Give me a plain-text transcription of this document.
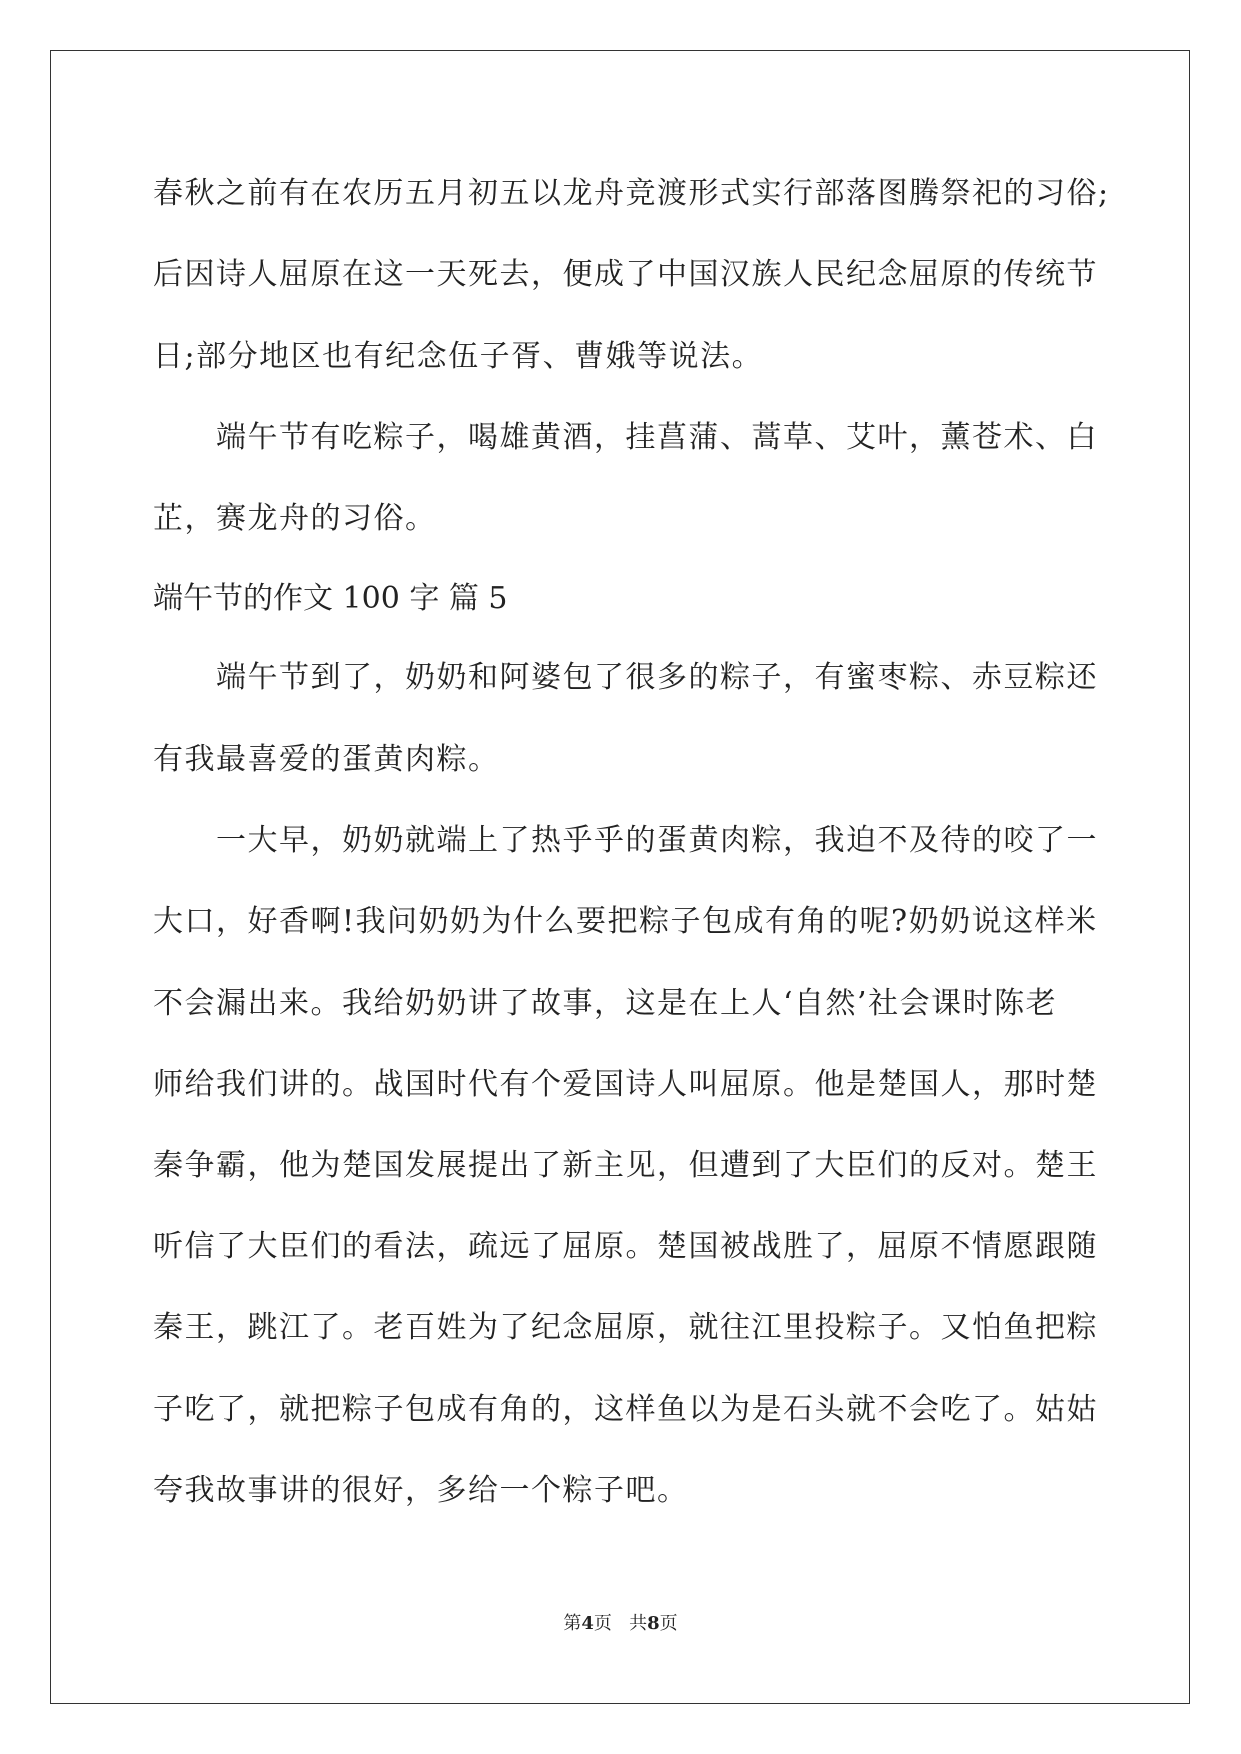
春秋之前有在农历五月初五以龙舟竞渡形式实行部落图腾祭祀的习俗;
后因诗人屈原在这一天死去，便成了中国汉族人民纪念屈原的传统节
日;部分地区也有纪念伍子胥、曹娥等说法。
　　端午节有吃粽子，喝雄黄酒，挂菖蒲、蒿草、艾叶，薰苍术、白
芷，赛龙舟的习俗。
端午节的作文 100 字 篇 5
　　端午节到了，奶奶和阿婆包了很多的粽子，有蜜枣粽、赤豆粽还
有我最喜爱的蛋黄肉粽。
　　一大早，奶奶就端上了热乎乎的蛋黄肉粽，我迫不及待的咬了一
大口，好香啊!我问奶奶为什么要把粽子包成有角的呢?奶奶说这样米
不会漏出来。我给奶奶讲了故事，这是在上人‘自然’社会课时陈老
师给我们讲的。战国时代有个爱国诗人叫屈原。他是楚国人，那时楚
秦争霸，他为楚国发展提出了新主见，但遭到了大臣们的反对。楚王
听信了大臣们的看法，疏远了屈原。楚国被战胜了，屈原不情愿跟随
秦王，跳江了。老百姓为了纪念屈原，就往江里投粽子。又怕鱼把粽
子吃了，就把粽子包成有角的，这样鱼以为是石头就不会吃了。姑姑
夸我故事讲的很好，多给一个粽子吧。
第4页 共8页
